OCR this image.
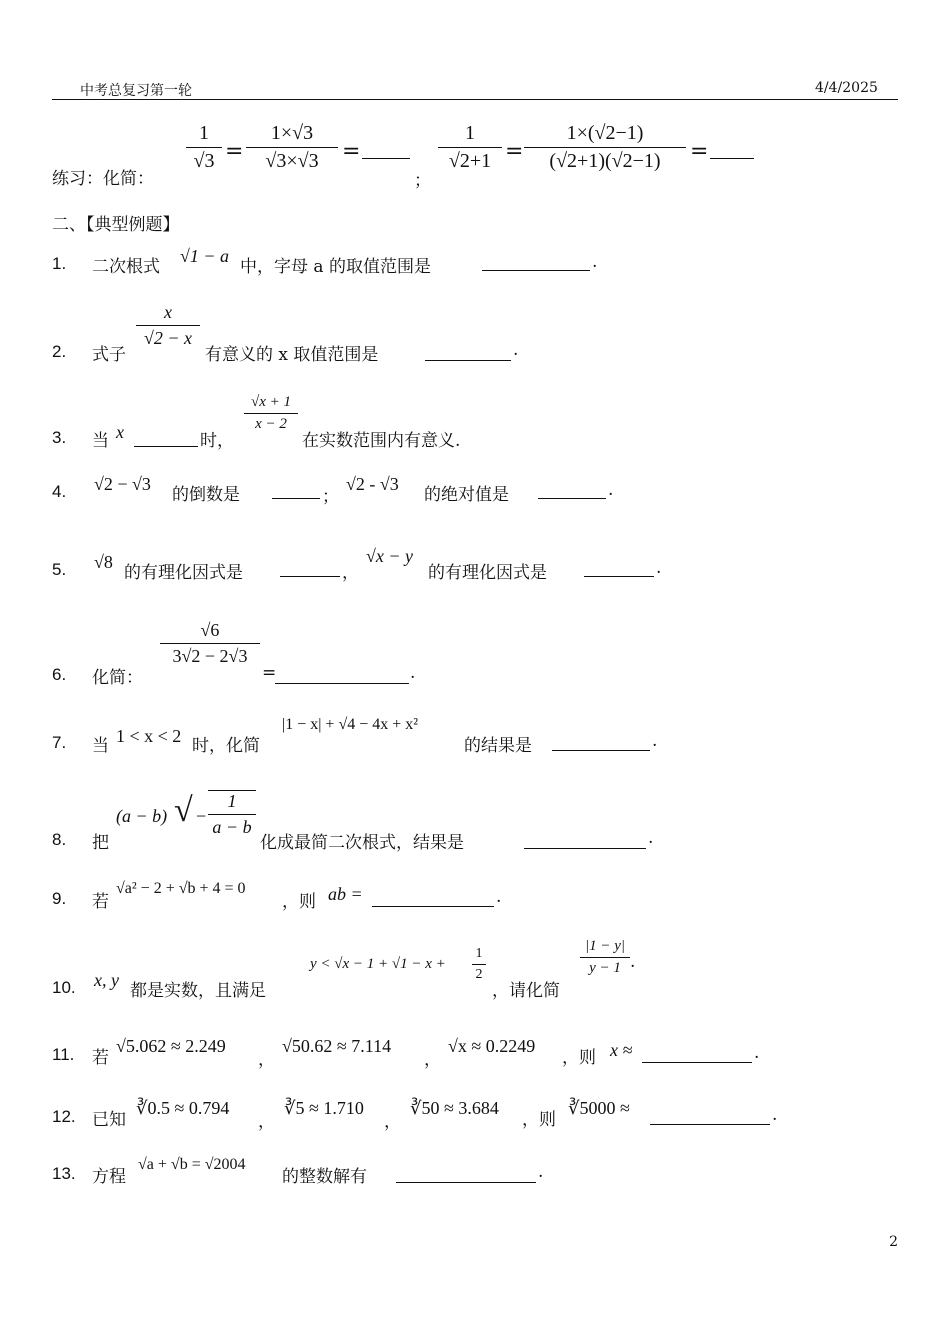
中考总复习第一轮	4/4/2025
练习：化简：
1
√3 =
1×√3
√3×√3	=
；
1
√2+1 =
1×(√2−1)
(√2+1)(√2−1)	=
二、【典型例题】
1. 二次根式
√1 − a
中，字母 a 的取值范围是	.
2. 式子
x
√2 − x
有意义的 x 取值范围是	.
3. 当 x	时，
√x + 1
x − 2
在实数范围内有意义.
4. √2 − √3
的倒数是	；
√2 - √3
的绝对值是	.
5. √8
的有理化因式是	，
√x − y
的有理化因式是	.
6. 化简：
√6
3√2 − 2√3
=	.
7. 当 1 < x < 2 时，化简
|1 − x| + √4 − 4x + x²
的结果是	.
8. 把
(a − b) √ −
1
a − b
化成最简二次根式，结果是	.
9. 若
√a² − 2 + √b + 4 = 0
，则 ab =	.
10. x, y
都是实数，且满足
y < √x − 1 + √1 − x +
1
2
，请化简
|1 − y|
y − 1 .
11. 若
√5.062 ≈ 2.249
，
√50.62 ≈ 7.114
，
√x ≈ 0.2249
，则 x ≈	.
12. 已知
∛0.5 ≈ 0.794
，
∛5 ≈ 1.710
，
∛50 ≈ 3.684
，则
∛5000 ≈	.
13. 方程
√a + √b = √2004
的整数解有	.
2
